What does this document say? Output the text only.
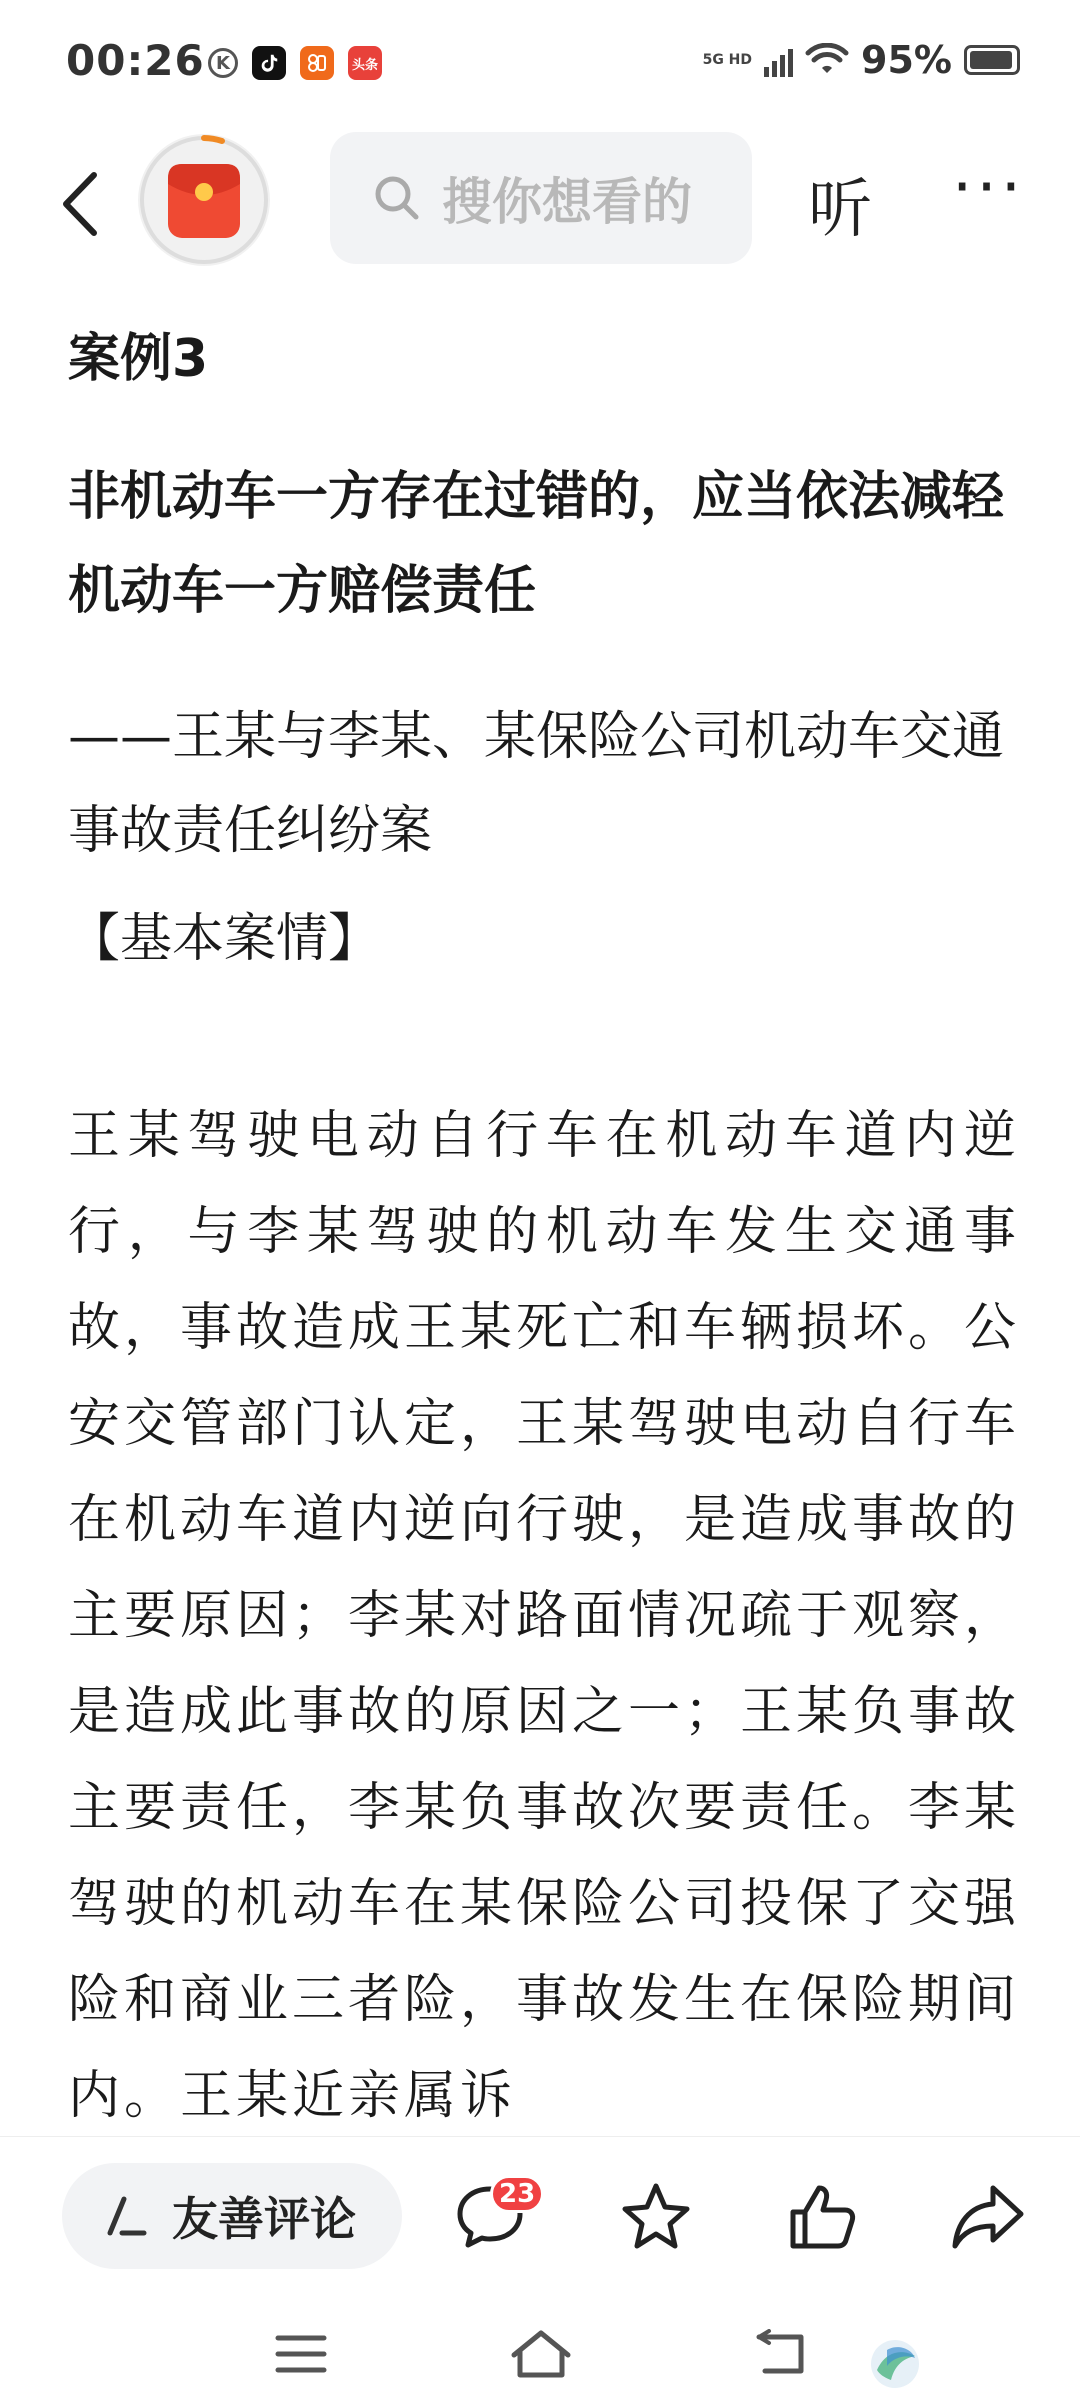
00:26 K	头条	5G HD	95%
搜你想看的 听 ···
案例3
非机动车一方存在过错的，应当依法减轻机动车一方赔偿责任
——王某与李某、某保险公司机动车交通事故责任纠纷案
【基本案情】
王某驾驶电动自行车在机动车道内逆行，与李某驾驶的机动车发生交通事故，事故造成王某死亡和车辆损坏。公安交管部门认定，王某驾驶电动自行车在机动车道内逆向行驶，是造成事故的主要原因；李某对路面情况疏于观察，是造成此事故的原因之一；王某负事故主要责任，李某负事故次要责任。李某驾驶的机动车在某保险公司投保了交强险和商业三者险，事故发生在保险期间内。王某近亲属诉
友善评论	23
